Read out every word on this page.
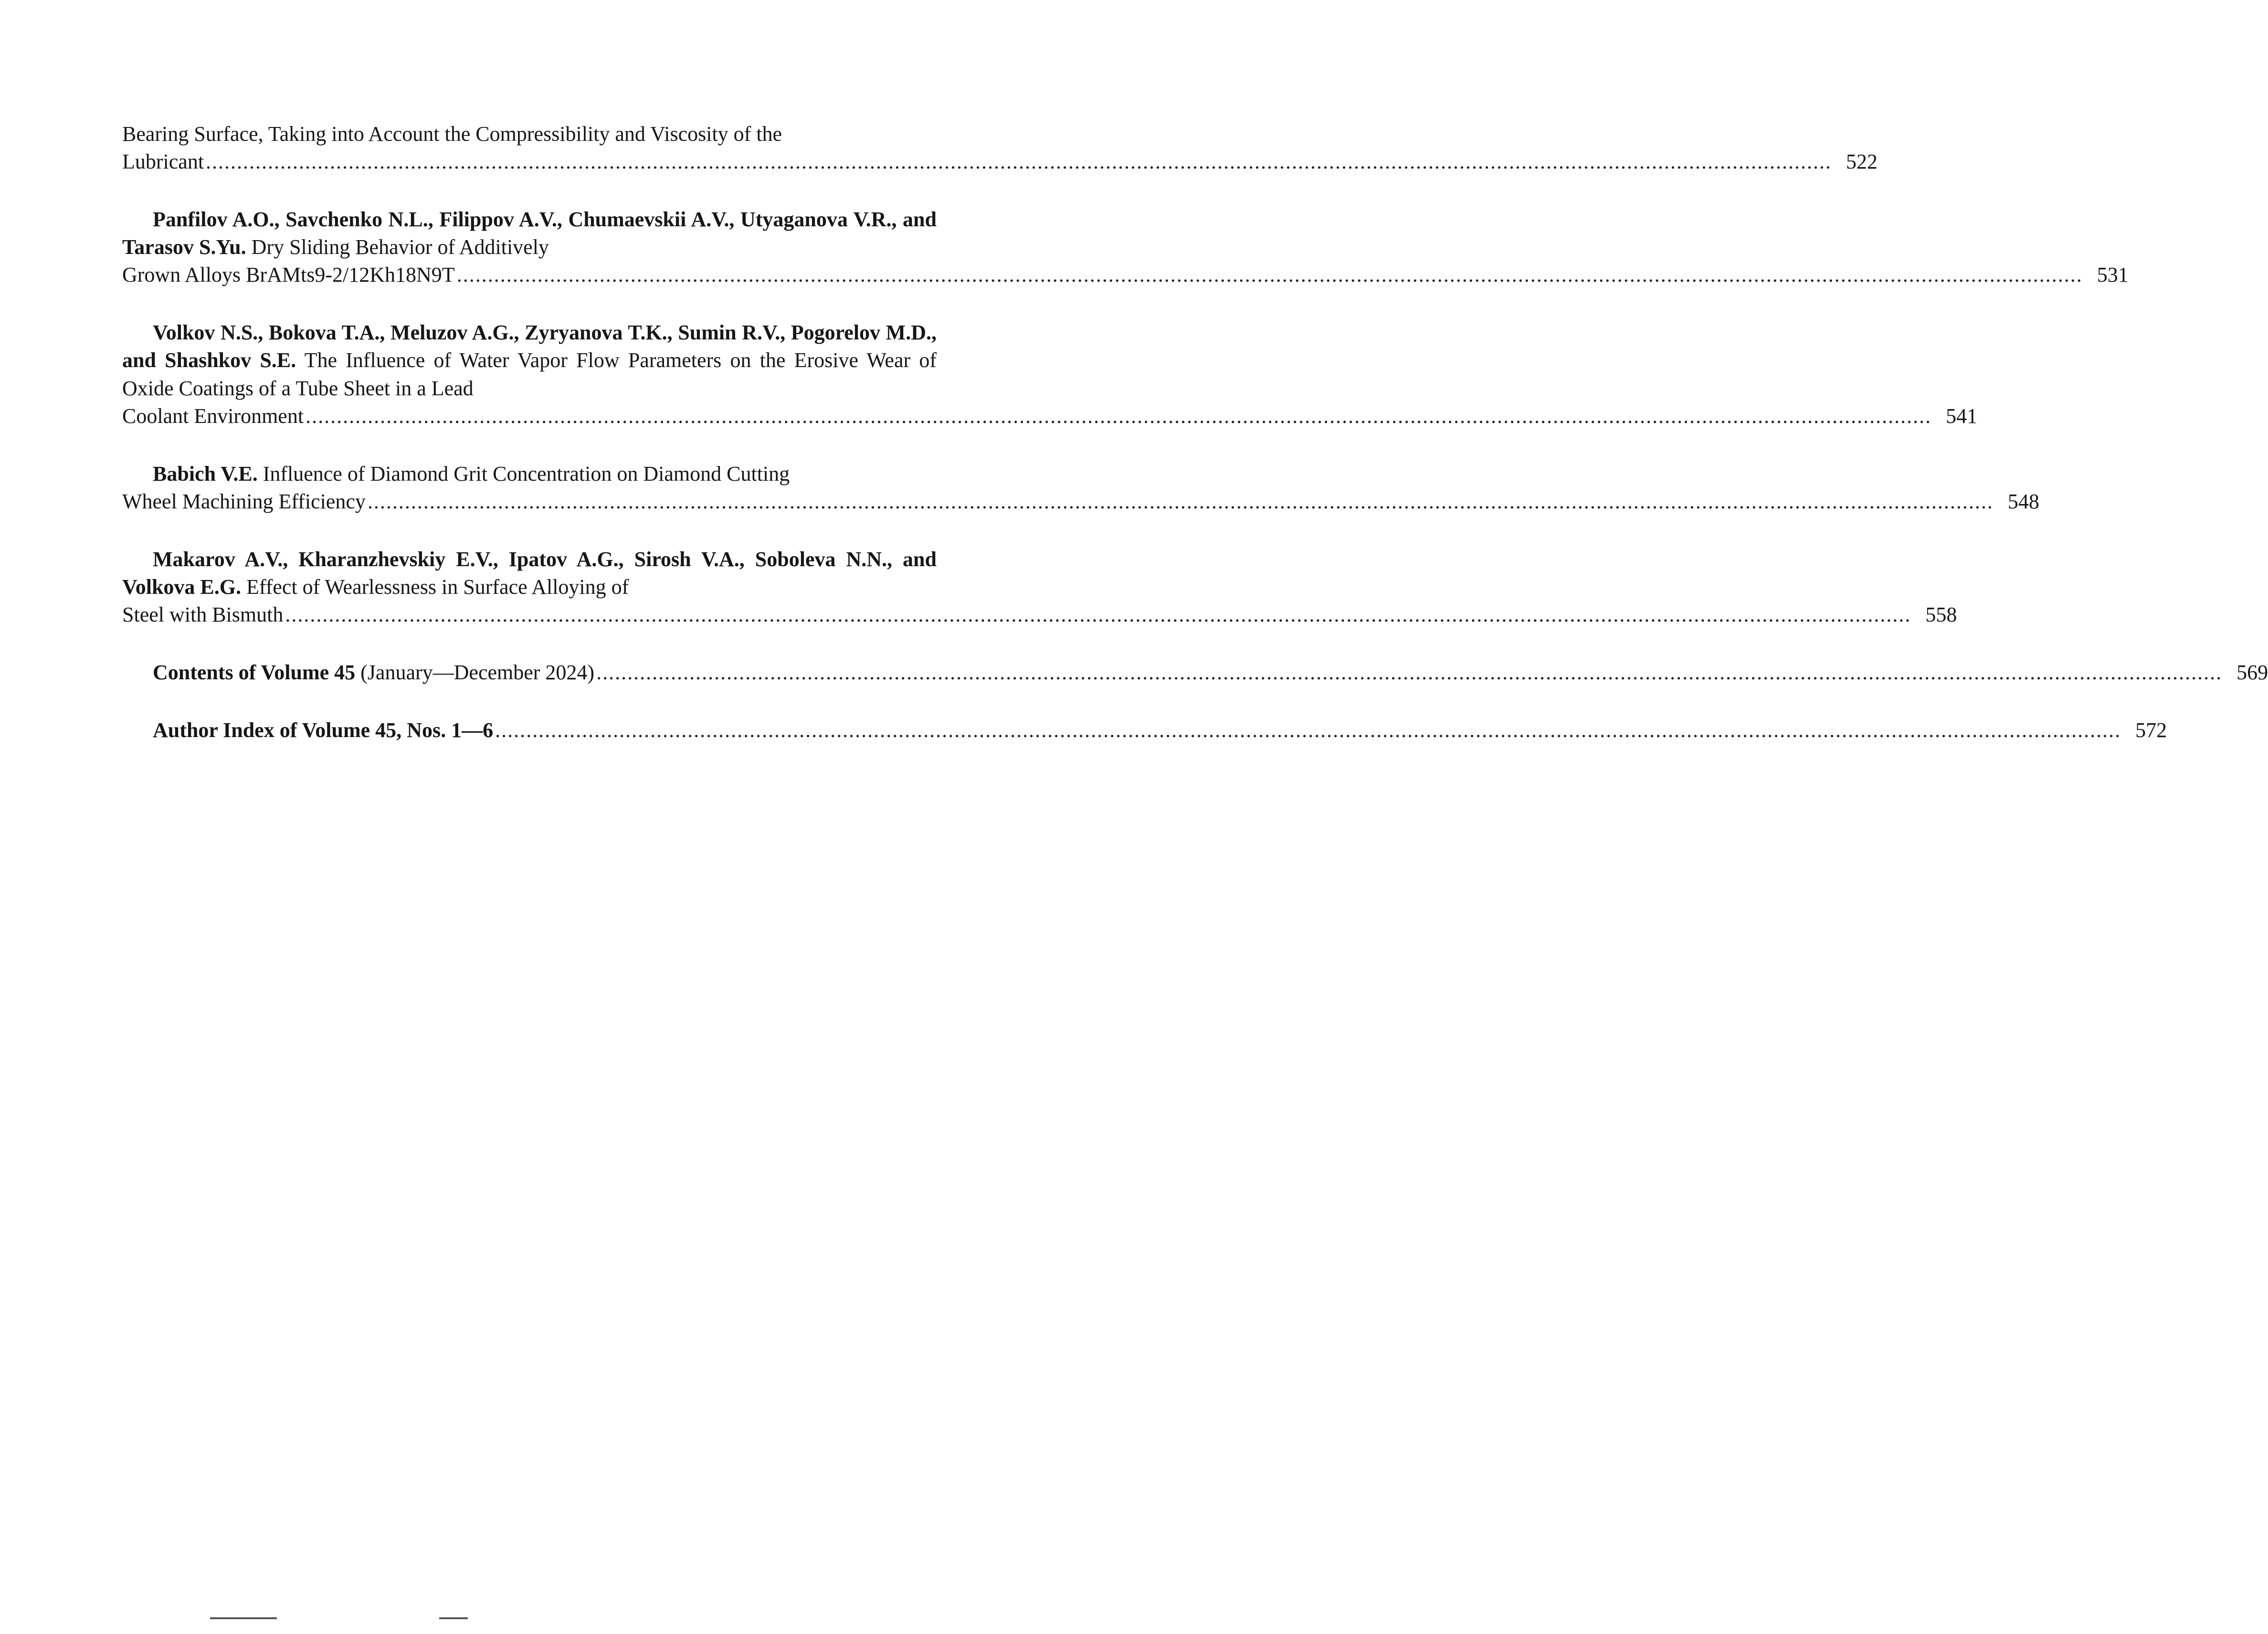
Bearing Surface, Taking into Account the Compressibility and Viscosity of the
Lubricant ...................................................................................................................................................................................................................................................................... 522
Panfilov A.O., Savchenko N.L., Filippov A.V., Chumaevskii A.V., Utyaganova V.R., and Tarasov S.Yu. Dry Sliding Behavior of Additively
Grown Alloys BrAMts9-2/12Kh18N9T ...................................................................................................................................................................................................................................................................... 531
Volkov N.S., Bokova T.A., Meluzov A.G., Zyryanova T.K., Sumin R.V., Pogorelov M.D., and Shashkov S.E. The Influence of Water Vapor Flow Parameters on the Erosive Wear of Oxide Coatings of a Tube Sheet in a Lead
Coolant Environment ...................................................................................................................................................................................................................................................................... 541
Babich V.E. Influence of Diamond Grit Concentration on Diamond Cutting
Wheel Machining Efficiency ...................................................................................................................................................................................................................................................................... 548
Makarov A.V., Kharanzhevskiy E.V., Ipatov A.G., Sirosh V.A., Soboleva N.N., and Volkova E.G. Effect of Wearlessness in Surface Alloying of
Steel with Bismuth ...................................................................................................................................................................................................................................................................... 558
Contents of Volume 45 (January—December 2024) ...................................................................................................................................................................................................................................................................... 569
Author Index of Volume 45, Nos. 1—6 ...................................................................................................................................................................................................................................................................... 572
